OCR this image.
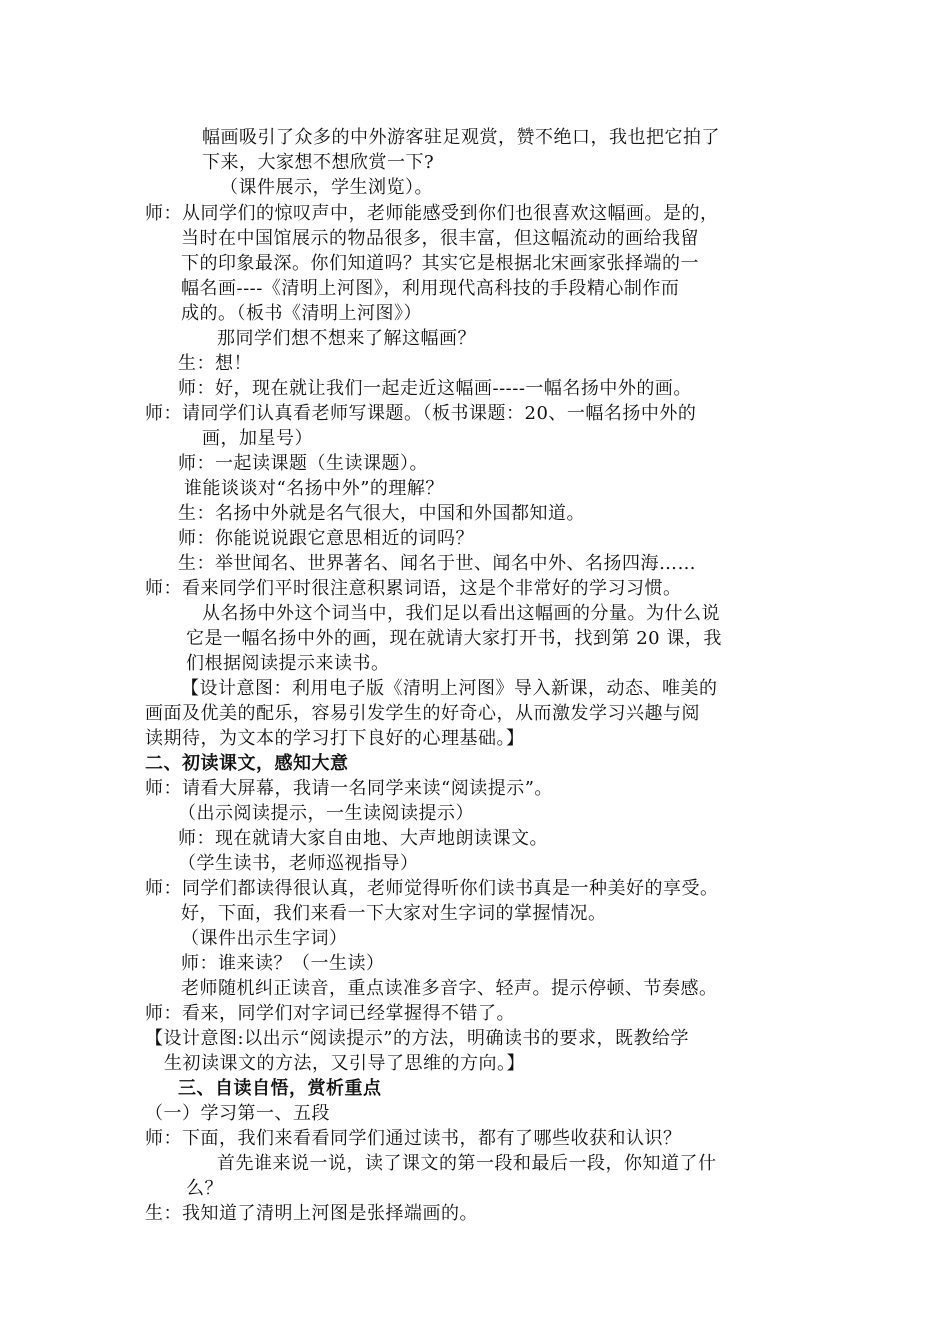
幅画吸引了众多的中外游客驻足观赏，赞不绝口，我也把它拍了
下来，大家想不想欣赏一下?
（课件展示，学生浏览）。
师：从同学们的惊叹声中，老师能感受到你们也很喜欢这幅画。是的，
当时在中国馆展示的物品很多，很丰富，但这幅流动的画给我留
下的印象最深。你们知道吗？其实它是根据北宋画家张择端的一
幅名画----《清明上河图》，利用现代高科技的手段精心制作而
成的。（板书《清明上河图》）
那同学们想不想来了解这幅画？
生：想！
师：好，现在就让我们一起走近这幅画-----一幅名扬中外的画。
师：请同学们认真看老师写课题。（板书课题：20、一幅名扬中外的
画，加星号）
师：一起读课题（生读课题）。
谁能谈谈对“名扬中外”的理解？
生：名扬中外就是名气很大，中国和外国都知道。
师：你能说说跟它意思相近的词吗？
生：举世闻名、世界著名、闻名于世、闻名中外、名扬四海……
师：看来同学们平时很注意积累词语，这是个非常好的学习习惯。
从名扬中外这个词当中，我们足以看出这幅画的分量。为什么说
它是一幅名扬中外的画，现在就请大家打开书，找到第 20 课，我
们根据阅读提示来读书。
【设计意图：利用电子版《清明上河图》导入新课，动态、唯美的
画面及优美的配乐，容易引发学生的好奇心，从而激发学习兴趣与阅
读期待，为文本的学习打下良好的心理基础。】
二、初读课文，感知大意
师：请看大屏幕，我请一名同学来读“阅读提示”。
（出示阅读提示，一生读阅读提示）
师：现在就请大家自由地、大声地朗读课文。
（学生读书，老师巡视指导）
师：同学们都读得很认真，老师觉得听你们读书真是一种美好的享受。
好，下面，我们来看一下大家对生字词的掌握情况。
（课件出示生字词）
师：谁来读？（一生读）
老师随机纠正读音，重点读准多音字、轻声。提示停顿、节奏感。
师：看来，同学们对字词已经掌握得不错了。
【设计意图:以出示“阅读提示”的方法，明确读书的要求，既教给学
生初读课文的方法，又引导了思维的方向。】
三、自读自悟，赏析重点
（一）学习第一、五段
师：下面，我们来看看同学们通过读书，都有了哪些收获和认识？
首先谁来说一说，读了课文的第一段和最后一段，你知道了什
么？
生：我知道了清明上河图是张择端画的。
